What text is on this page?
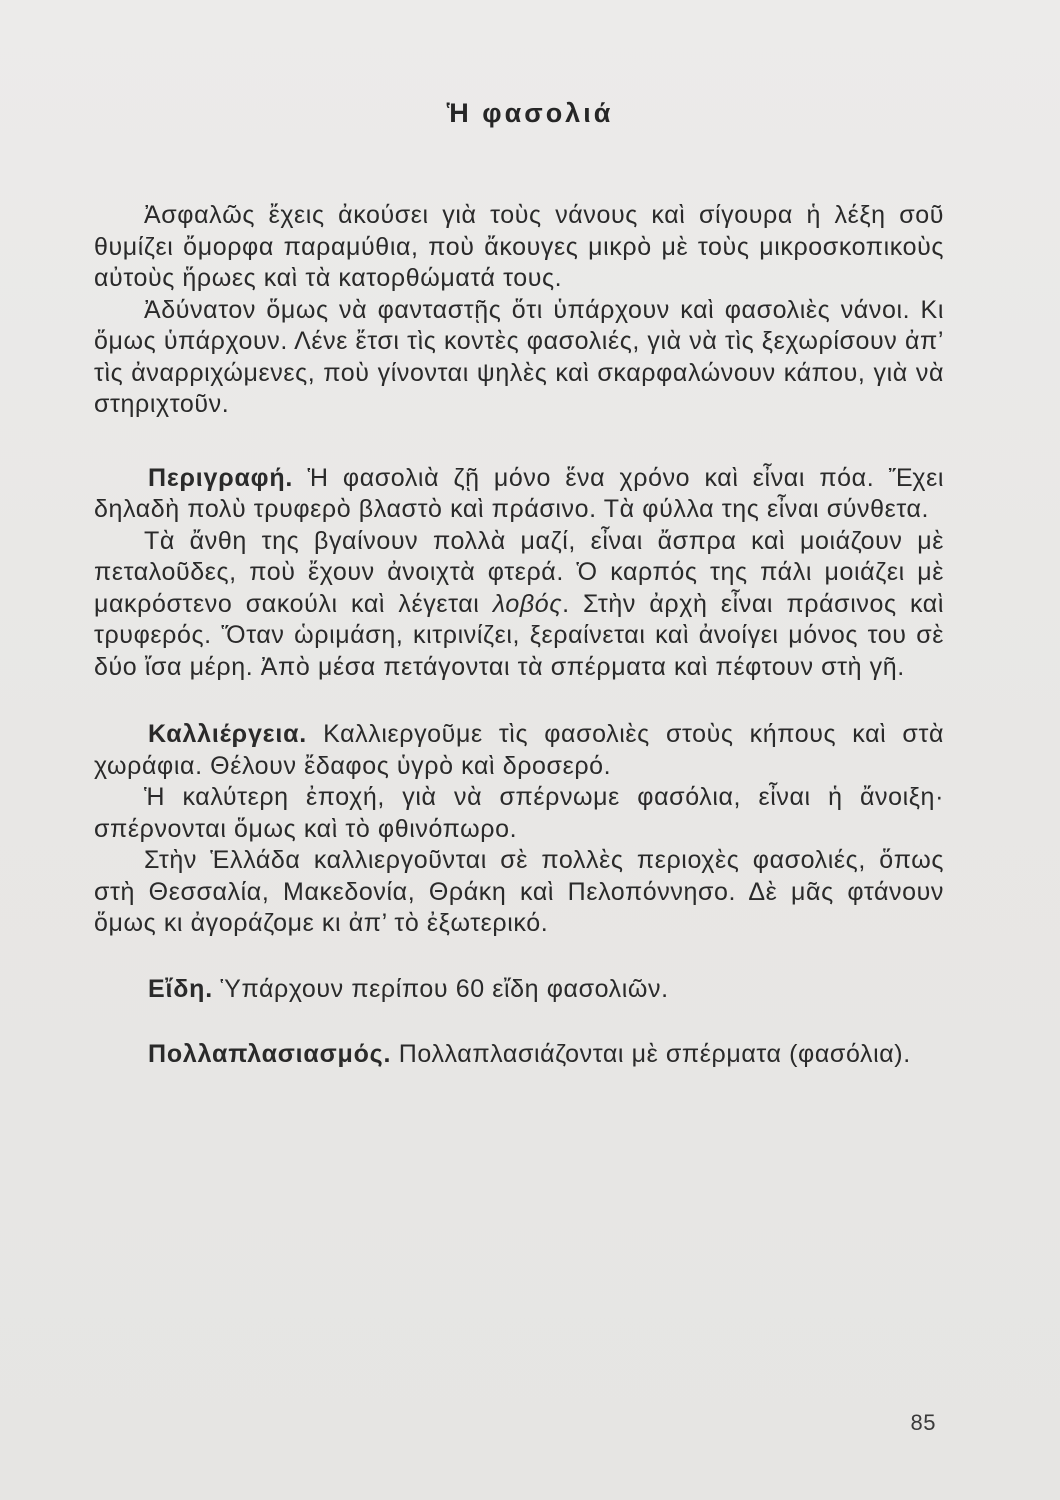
Ἡ φασολιά

Ἀσφαλῶς ἔχεις ἀκούσει γιὰ τοὺς νάνους καὶ σίγουρα ἡ λέξη σοῦ θυμίζει ὄμορφα παραμύθια, ποὺ ἄκουγες μικρὸ μὲ τοὺς μικροσκοπικοὺς αὐτοὺς ἥρωες καὶ τὰ κατορθώματά τους.

Ἀδύνατον ὅμως νὰ φανταστῇς ὅτι ὑπάρχουν καὶ φασολιὲς νάνοι. Κι ὅμως ὑπάρχουν. Λένε ἔτσι τὶς κοντὲς φασολιές, γιὰ νὰ τὶς ξεχωρίσουν ἀπ’ τὶς ἀναρριχώμενες, ποὺ γίνονται ψηλὲς καὶ σκαρφαλώνουν κάπου, γιὰ νὰ στηριχτοῦν.

Περιγραφή. Ἡ φασολιὰ ζῇ μόνο ἕνα χρόνο καὶ εἶναι πόα. Ἔχει δηλαδὴ πολὺ τρυφερὸ βλαστὸ καὶ πράσινο. Τὰ φύλλα της εἶναι σύνθετα.

Τὰ ἄνθη της βγαίνουν πολλὰ μαζί, εἶναι ἄσπρα καὶ μοιάζουν μὲ πεταλοῦδες, ποὺ ἔχουν ἀνοιχτὰ φτερά. Ὁ καρπός της πάλι μοιάζει μὲ μακρόστενο σακούλι καὶ λέγεται λοβός. Στὴν ἀρχὴ εἶναι πράσινος καὶ τρυφερός. Ὅταν ὡριμάση, κιτρινίζει, ξεραίνεται καὶ ἀνοίγει μόνος του σὲ δύο ἴσα μέρη. Ἀπὸ μέσα πετάγονται τὰ σπέρματα καὶ πέφτουν στὴ γῆ.

Καλλιέργεια. Καλλιεργοῦμε τὶς φασολιὲς στοὺς κήπους καὶ στὰ χωράφια. Θέλουν ἔδαφος ὑγρὸ καὶ δροσερό.

Ἡ καλύτερη ἐποχή, γιὰ νὰ σπέρνωμε φασόλια, εἶναι ἡ ἄνοιξη· σπέρνονται ὅμως καὶ τὸ φθινόπωρο.

Στὴν Ἑλλάδα καλλιεργοῦνται σὲ πολλὲς περιοχὲς φασολιές, ὅπως στὴ Θεσσαλία, Μακεδονία, Θράκη καὶ Πελοπόννησο. Δὲ μᾶς φτάνουν ὅμως κι ἀγοράζομε κι ἀπ’ τὸ ἐξωτερικό.

Εἴδη. Ὑπάρχουν περίπου 60 εἴδη φασολιῶν.

Πολλαπλασιασμός. Πολλαπλασιάζονται μὲ σπέρματα (φασόλια).

85
